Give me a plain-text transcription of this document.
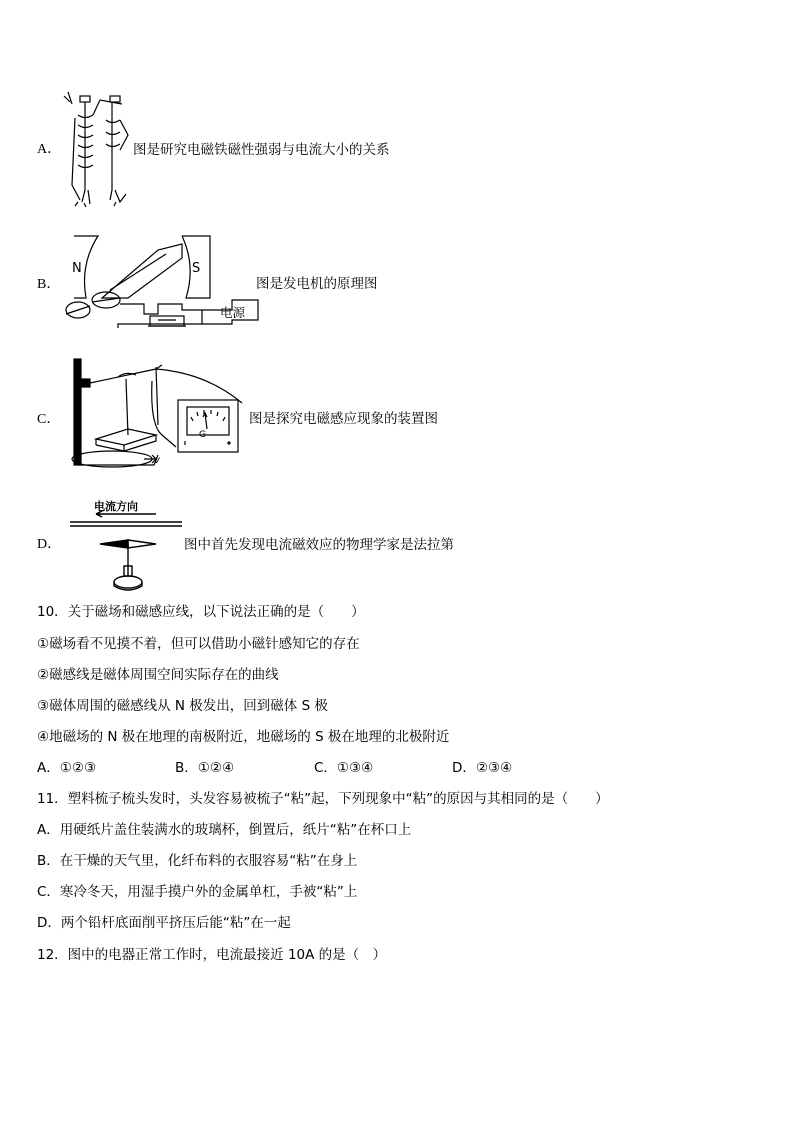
A．	图是研究电磁铁磁性强弱与电流大小的关系
B．
N	S
电源
图是发电机的原理图
C．
v
G
图是探究电磁感应现象的装置图
D．
电流方向
图中首先发现电流磁效应的物理学家是法拉第
10．关于磁场和磁感应线，以下说法正确的是（　　）
①磁场看不见摸不着，但可以借助小磁针感知它的存在
②磁感线是磁体周围空间实际存在的曲线
③磁体周围的磁感线从 N 极发出，回到磁体 S 极
④地磁场的 N 极在地理的南极附近，地磁场的 S 极在地理的北极附近
A．①②③	B．①②④	C．①③④	D．②③④
11．塑料梳子梳头发时，头发容易被梳子“粘”起，下列现象中“粘”的原因与其相同的是（　　）
A．用硬纸片盖住装满水的玻璃杯，倒置后，纸片“粘”在杯口上
B．在干燥的天气里，化纤布料的衣服容易“粘”在身上
C．寒冷冬天，用湿手摸户外的金属单杠，手被“粘”上
D．两个铅杆底面削平挤压后能“粘”在一起
12．图中的电器正常工作时，电流最接近 10A 的是（　）
